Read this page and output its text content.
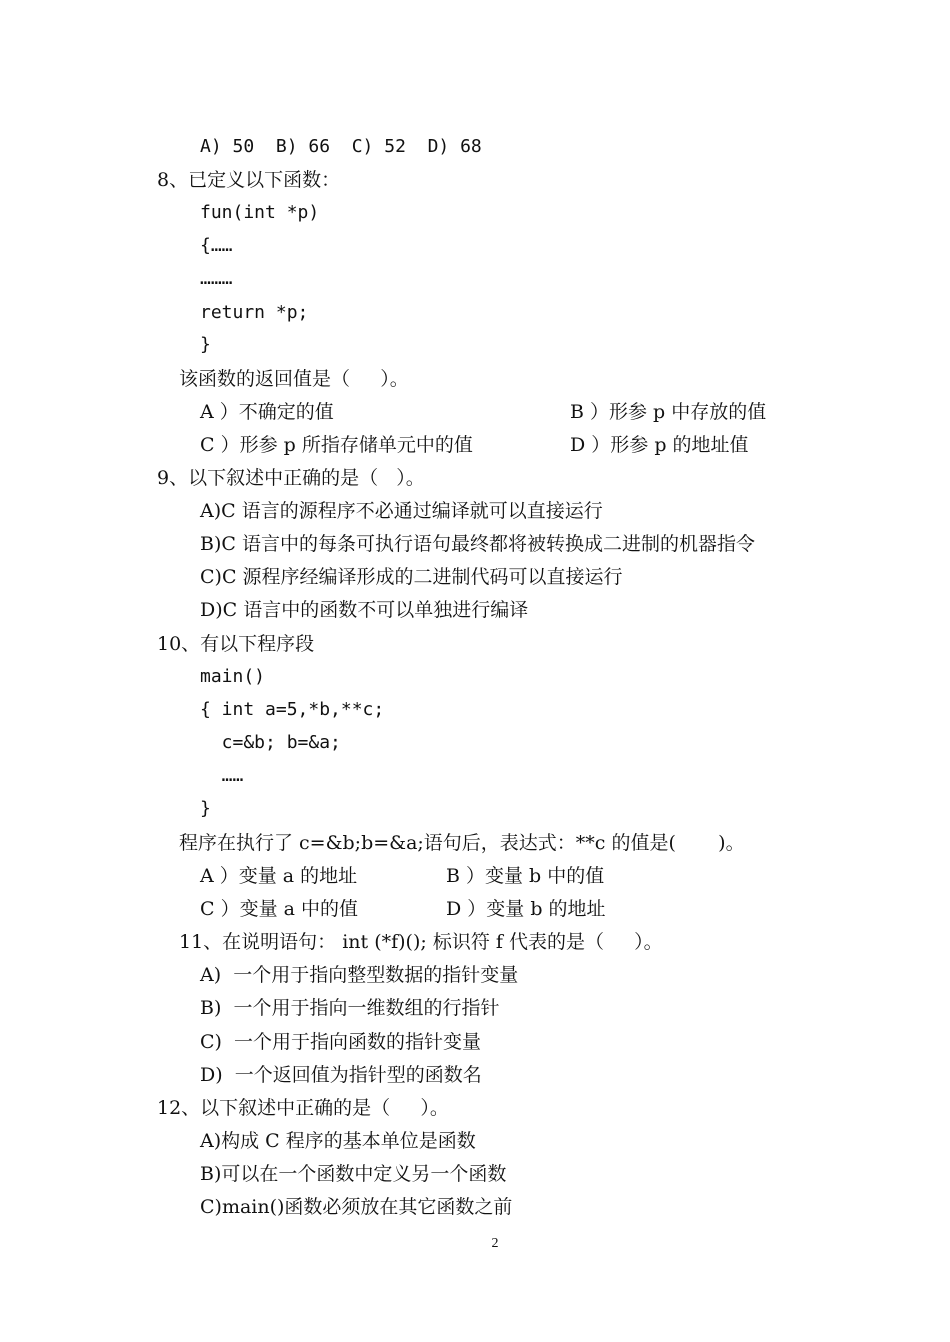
A) 50  B) 66  C) 52  D) 68
8、已定义以下函数：
fun(int *p)
{……
………
return *p;
}
该函数的返回值是（     ）。
A ）不确定的值	B ）形参 p 中存放的值
C ）形参 p 所指存储单元中的值	D ）形参 p 的地址值
9、以下叙述中正确的是（   ）。
A)C 语言的源程序不必通过编译就可以直接运行
B)C 语言中的每条可执行语句最终都将被转换成二进制的机器指令
C)C 源程序经编译形成的二进制代码可以直接运行
D)C 语言中的函数不可以单独进行编译
10、有以下程序段
main()
{ int a=5,*b,**c;
c=&b; b=&a;
……
}
程序在执行了 c=&b;b=&a;语句后，表达式：**c 的值是(       )。
A ）变量 a 的地址	B ）变量 b 中的值
C ）变量 a 中的值	D ）变量 b 的地址
11、在说明语句： int (*f)(); 标识符 f 代表的是（     ）。
A)  一个用于指向整型数据的指针变量
B)  一个用于指向一维数组的行指针
C)  一个用于指向函数的指针变量
D)  一个返回值为指针型的函数名
12、以下叙述中正确的是（     ）。
A)构成 C 程序的基本单位是函数
B)可以在一个函数中定义另一个函数
C)main()函数必须放在其它函数之前
2
